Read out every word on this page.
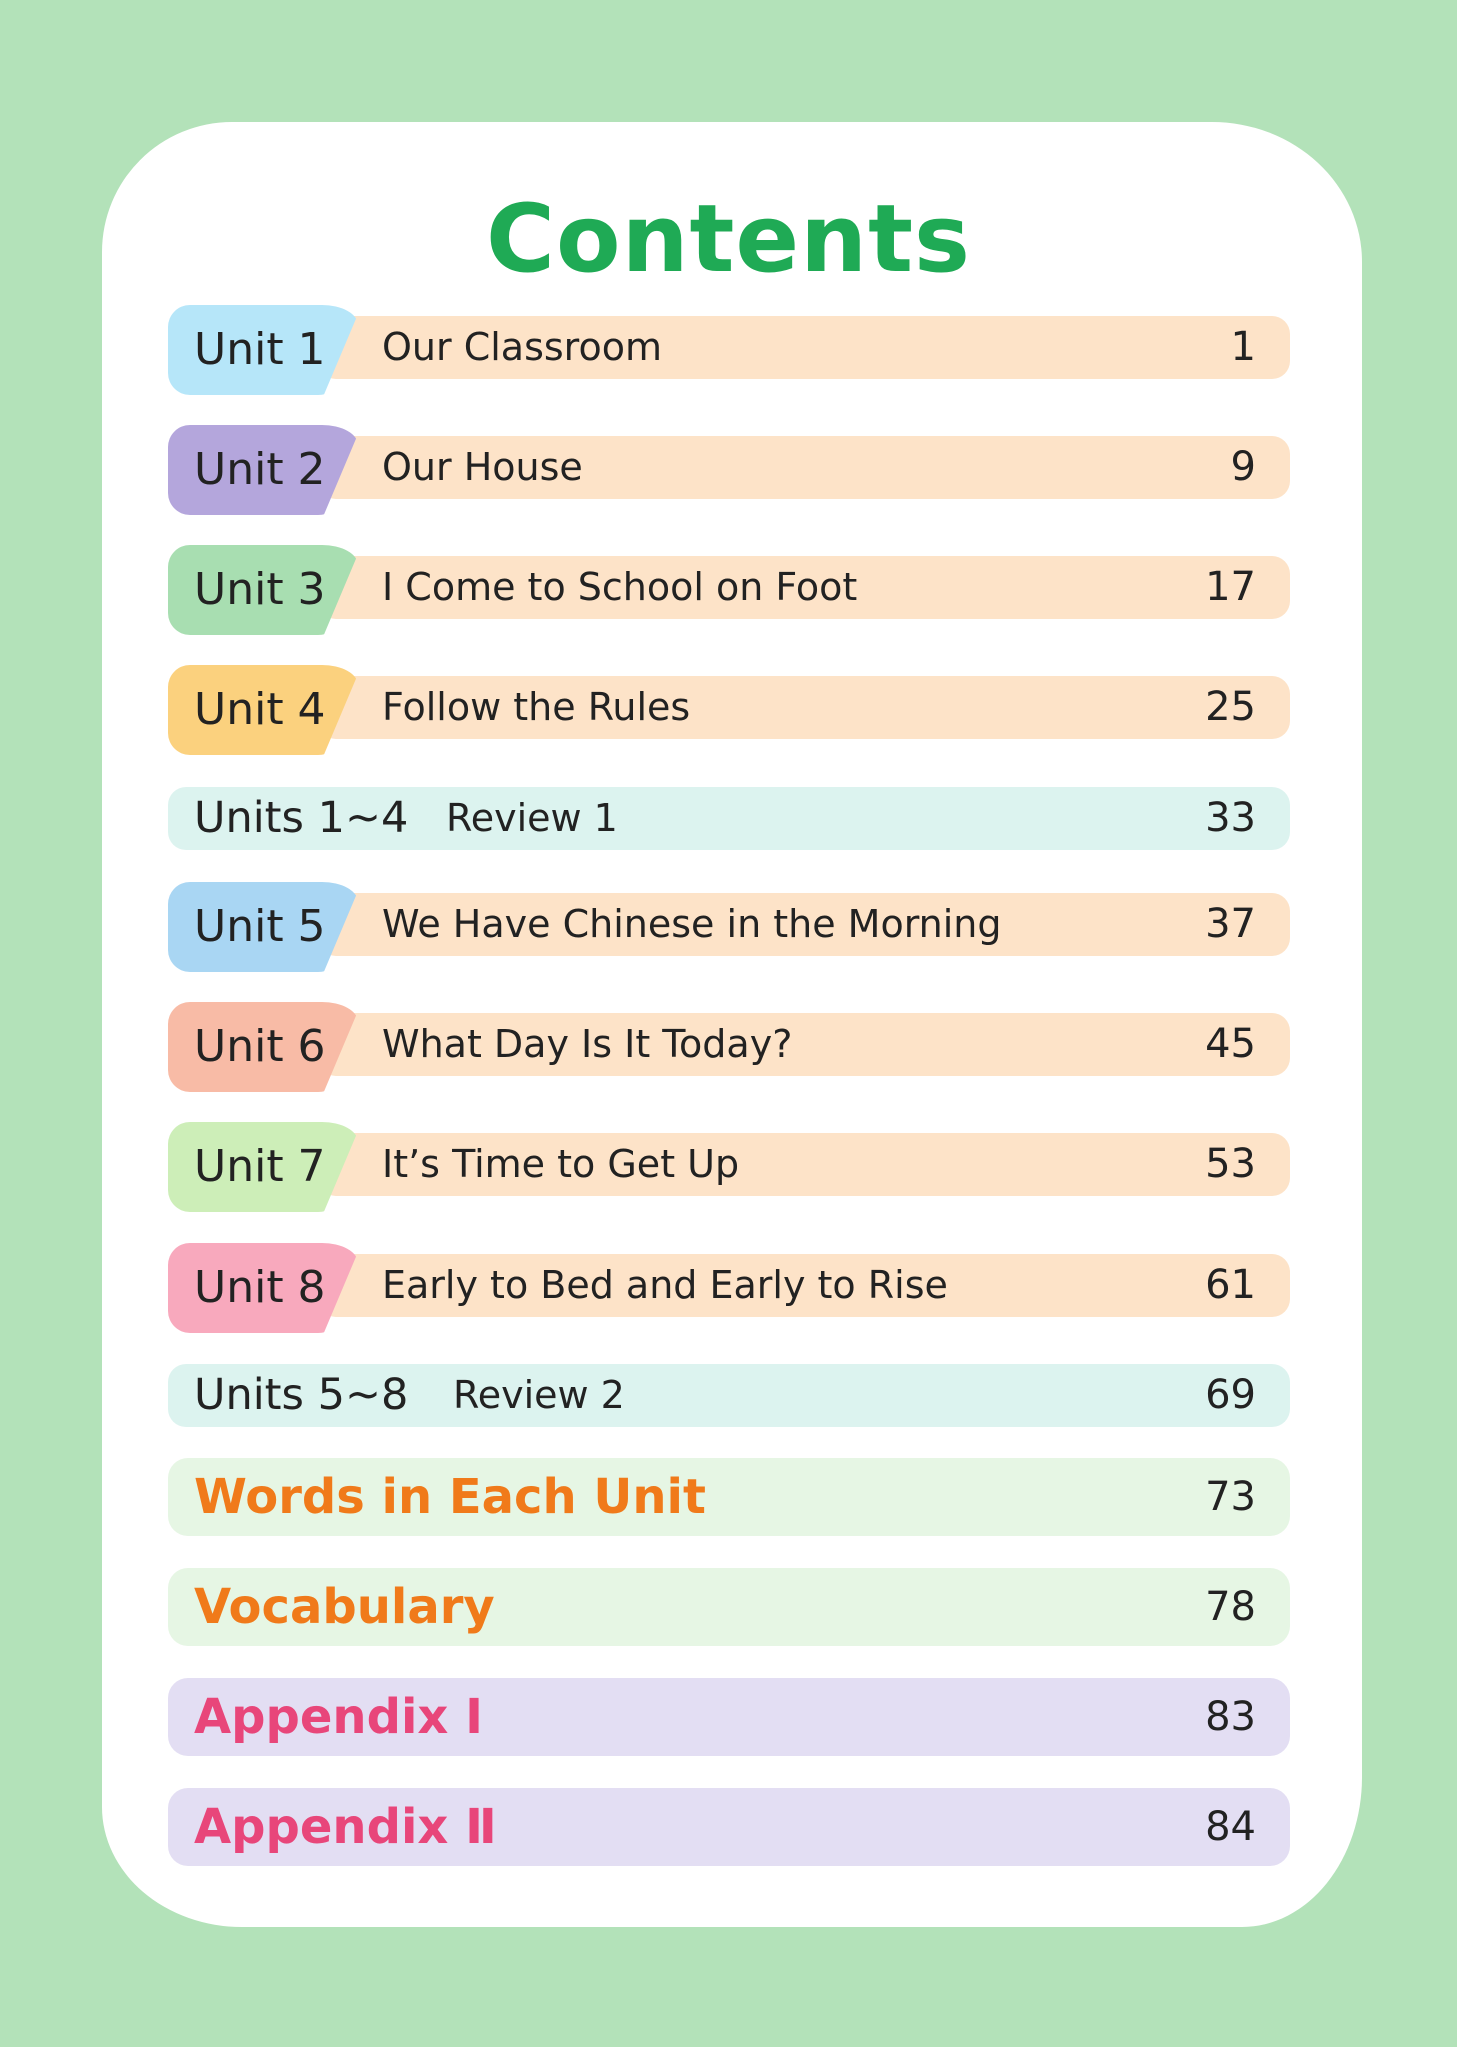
Contents
Unit 1 Our Classroom	1
Unit 2 Our House	9
Unit 3 I Come to School on Foot	17
Unit 4 Follow the Rules	25
Units 1~4 Review 1	33
Unit 5 We Have Chinese in the Morning	37
Unit 6 What Day Is It Today?	45
Unit 7 It’s Time to Get Up	53
Unit 8 Early to Bed and Early to Rise	61
Units 5~8 Review 2	69
Words in Each Unit	73
Vocabulary	78
Appendix Ⅰ	83
Appendix Ⅱ	84
